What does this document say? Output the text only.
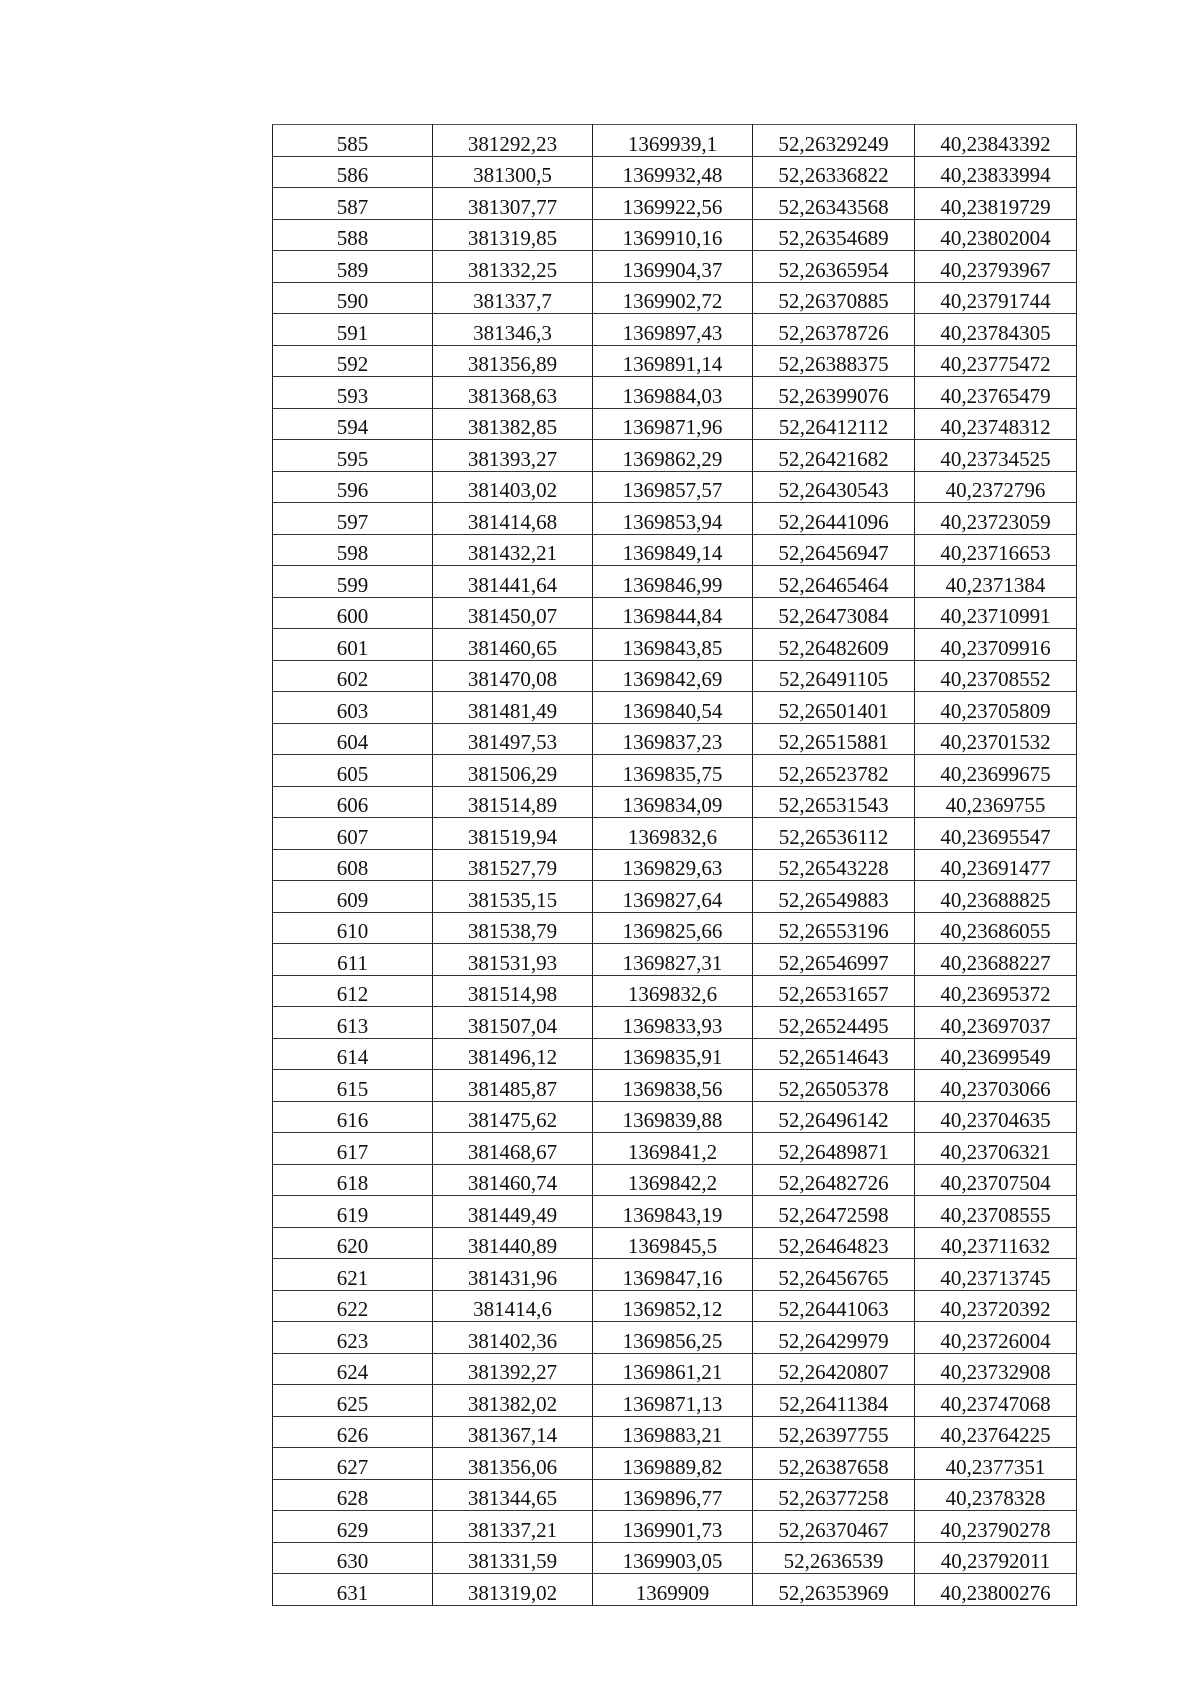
585	381292,23	1369939,1	52,26329249	40,23843392
586	381300,5	1369932,48	52,26336822	40,23833994
587	381307,77	1369922,56	52,26343568	40,23819729
588	381319,85	1369910,16	52,26354689	40,23802004
589	381332,25	1369904,37	52,26365954	40,23793967
590	381337,7	1369902,72	52,26370885	40,23791744
591	381346,3	1369897,43	52,26378726	40,23784305
592	381356,89	1369891,14	52,26388375	40,23775472
593	381368,63	1369884,03	52,26399076	40,23765479
594	381382,85	1369871,96	52,26412112	40,23748312
595	381393,27	1369862,29	52,26421682	40,23734525
596	381403,02	1369857,57	52,26430543	40,2372796
597	381414,68	1369853,94	52,26441096	40,23723059
598	381432,21	1369849,14	52,26456947	40,23716653
599	381441,64	1369846,99	52,26465464	40,2371384
600	381450,07	1369844,84	52,26473084	40,23710991
601	381460,65	1369843,85	52,26482609	40,23709916
602	381470,08	1369842,69	52,26491105	40,23708552
603	381481,49	1369840,54	52,26501401	40,23705809
604	381497,53	1369837,23	52,26515881	40,23701532
605	381506,29	1369835,75	52,26523782	40,23699675
606	381514,89	1369834,09	52,26531543	40,2369755
607	381519,94	1369832,6	52,26536112	40,23695547
608	381527,79	1369829,63	52,26543228	40,23691477
609	381535,15	1369827,64	52,26549883	40,23688825
610	381538,79	1369825,66	52,26553196	40,23686055
611	381531,93	1369827,31	52,26546997	40,23688227
612	381514,98	1369832,6	52,26531657	40,23695372
613	381507,04	1369833,93	52,26524495	40,23697037
614	381496,12	1369835,91	52,26514643	40,23699549
615	381485,87	1369838,56	52,26505378	40,23703066
616	381475,62	1369839,88	52,26496142	40,23704635
617	381468,67	1369841,2	52,26489871	40,23706321
618	381460,74	1369842,2	52,26482726	40,23707504
619	381449,49	1369843,19	52,26472598	40,23708555
620	381440,89	1369845,5	52,26464823	40,23711632
621	381431,96	1369847,16	52,26456765	40,23713745
622	381414,6	1369852,12	52,26441063	40,23720392
623	381402,36	1369856,25	52,26429979	40,23726004
624	381392,27	1369861,21	52,26420807	40,23732908
625	381382,02	1369871,13	52,26411384	40,23747068
626	381367,14	1369883,21	52,26397755	40,23764225
627	381356,06	1369889,82	52,26387658	40,2377351
628	381344,65	1369896,77	52,26377258	40,2378328
629	381337,21	1369901,73	52,26370467	40,23790278
630	381331,59	1369903,05	52,2636539	40,23792011
631	381319,02	1369909	52,26353969	40,23800276
